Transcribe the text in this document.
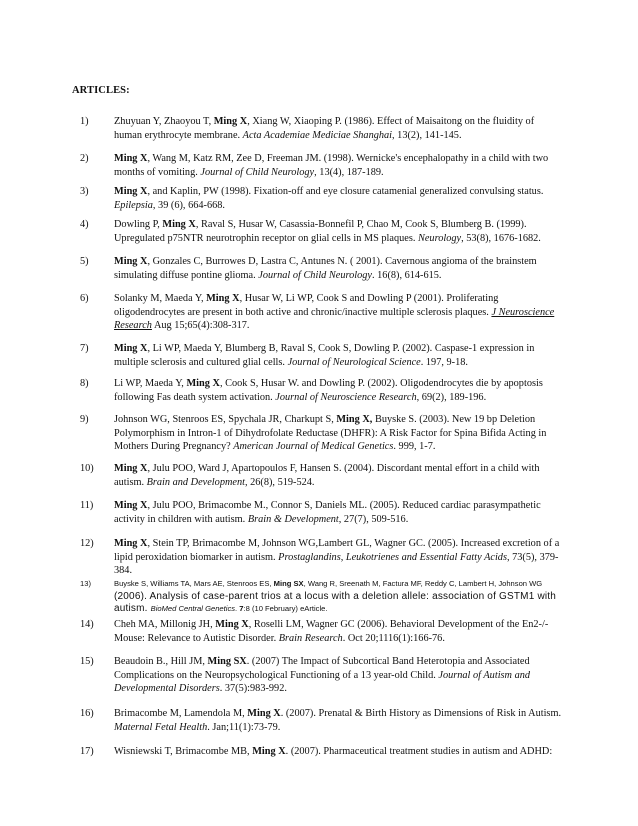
ARTICLES:
1)	Zhuyuan Y, Zhaoyou T, Ming X, Xiang W, Xiaoping P. (1986). Effect of Maisaitong on the fluidity of human erythrocyte membrane. Acta Academiae Mediciae Shanghai, 13(2), 141-145.
2)	Ming X, Wang M, Katz RM, Zee D, Freeman JM. (1998). Wernicke's encephalopathy in a child with two months of vomiting. Journal of Child Neurology, 13(4), 187-189.
3)	Ming X, and Kaplin, PW (1998). Fixation-off and eye closure catamenial generalized convulsing status. Epilepsia, 39 (6), 664-668.
4)	Dowling P, Ming X, Raval S, Husar W, Casassia-Bonnefil P, Chao M, Cook S, Blumberg B. (1999). Upregulated p75NTR neurotrophin receptor on glial cells in MS plaques. Neurology, 53(8), 1676-1682.
5)	Ming X, Gonzales C, Burrowes D, Lastra C, Antunes N. ( 2001). Cavernous angioma of the brainstem simulating diffuse pontine glioma. Journal of Child Neurology. 16(8), 614-615.
6)	Solanky M, Maeda Y, Ming X, Husar W, Li WP, Cook S and Dowling P (2001). Proliferating oligodendrocytes are present in both active and chronic/inactive multiple sclerosis plaques. J Neuroscience Research Aug 15;65(4):308-317.
7)	Ming X, Li WP, Maeda Y, Blumberg B, Raval S, Cook S, Dowling P. (2002). Caspase-1 expression in multiple sclerosis and cultured glial cells. Journal of Neurological Science. 197, 9-18.
8)	Li WP, Maeda Y, Ming X, Cook S, Husar W. and Dowling P. (2002). Oligodendrocytes die by apoptosis following Fas death system activation. Journal of Neuroscience Research, 69(2), 189-196.
9)	Johnson WG, Stenroos ES, Spychala JR, Charkupt S, Ming X, Buyske S. (2003). New 19 bp Deletion Polymorphism in Intron-1 of Dihydrofolate Reductase (DHFR): A Risk Factor for Spina Bifida Acting in Mothers During Pregnancy? American Journal of Medical Genetics. 999, 1-7.
10)	Ming X, Julu POO, Ward J, Apartopoulos F, Hansen S. (2004). Discordant mental effort in a child with autism. Brain and Development, 26(8), 519-524.
11)	Ming X, Julu POO, Brimacombe M., Connor S, Daniels ML. (2005). Reduced cardiac parasympathetic activity in children with autism. Brain & Development, 27(7), 509-516.
12)	Ming X, Stein TP, Brimacombe M, Johnson WG,Lambert GL, Wagner GC. (2005). Increased excretion of a lipid peroxidation biomarker in autism. Prostaglandins, Leukotrienes and Essential Fatty Acids, 73(5), 379-384.
13)	Buyske S, Williams TA, Mars AE, Stenroos ES, Ming SX, Wang R, Sreenath M, Factura MF, Reddy C, Lambert H, Johnson WG (2006). Analysis of case-parent trios at a locus with a deletion allele: association of GSTM1 with autism. BioMed Central Genetics. 7:8 (10 February) eArticle.
14)	Cheh MA, Millonig JH, Ming X, Roselli LM, Wagner GC (2006). Behavioral Development of the En2-/-Mouse: Relevance to Autistic Disorder. Brain Research. Oct 20;1116(1):166-76.
15)	Beaudoin B., Hill JM, Ming SX. (2007) The Impact of Subcortical Band Heterotopia and Associated Complications on the Neuropsychological Functioning of a 13 year-old Child. Journal of Autism and Developmental Disorders. 37(5):983-992.
16)	Brimacombe M, Lamendola M, Ming X. (2007). Prenatal & Birth History as Dimensions of Risk in Autism. Maternal Fetal Health. Jan;11(1):73-79.
17)	Wisniewski T, Brimacombe MB, Ming X. (2007). Pharmaceutical treatment studies in autism and ADHD:
